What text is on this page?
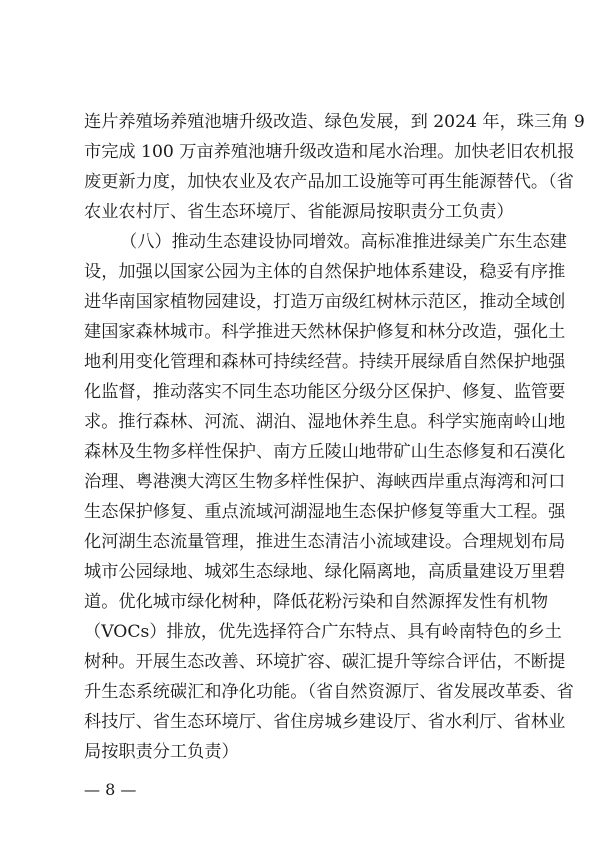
连片养殖场养殖池塘升级改造、绿色发展，到 2024 年，珠三角 9
市完成 100 万亩养殖池塘升级改造和尾水治理。加快老旧农机报
废更新力度，加快农业及农产品加工设施等可再生能源替代。（省
农业农村厅、省生态环境厅、省能源局按职责分工负责）
（八）推动生态建设协同增效。高标准推进绿美广东生态建
设，加强以国家公园为主体的自然保护地体系建设，稳妥有序推
进华南国家植物园建设，打造万亩级红树林示范区，推动全域创
建国家森林城市。科学推进天然林保护修复和林分改造，强化土
地利用变化管理和森林可持续经营。持续开展绿盾自然保护地强
化监督，推动落实不同生态功能区分级分区保护、修复、监管要
求。推行森林、河流、湖泊、湿地休养生息。科学实施南岭山地
森林及生物多样性保护、南方丘陵山地带矿山生态修复和石漠化
治理、粤港澳大湾区生物多样性保护、海峡西岸重点海湾和河口
生态保护修复、重点流域河湖湿地生态保护修复等重大工程。强
化河湖生态流量管理，推进生态清洁小流域建设。合理规划布局
城市公园绿地、城郊生态绿地、绿化隔离地，高质量建设万里碧
道。优化城市绿化树种，降低花粉污染和自然源挥发性有机物
（VOCs）排放，优先选择符合广东特点、具有岭南特色的乡土
树种。开展生态改善、环境扩容、碳汇提升等综合评估，不断提
升生态系统碳汇和净化功能。（省自然资源厅、省发展改革委、省
科技厅、省生态环境厅、省住房城乡建设厅、省水利厅、省林业
局按职责分工负责）
— 8 —
